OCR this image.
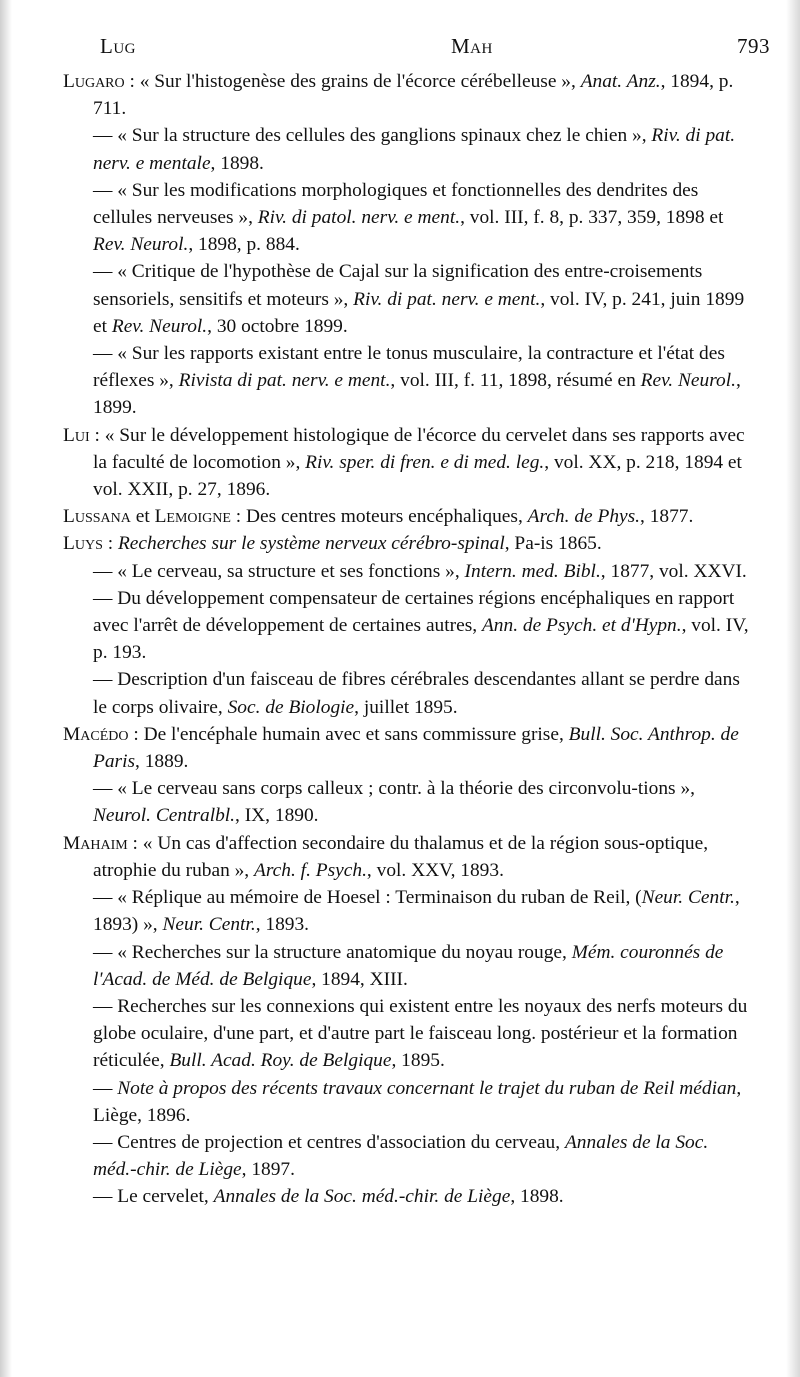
Lug	Mah	793

Lugaro : « Sur l'histogenèse des grains de l'écorce cérébelleuse », Anat. Anz., 1894, p. 711.

— « Sur la structure des cellules des ganglions spinaux chez le chien », Riv. di pat. nerv. e mentale, 1898.

— « Sur les modifications morphologiques et fonctionnelles des dendrites des cellules nerveuses », Riv. di patol. nerv. e ment., vol. III, f. 8, p. 337, 359, 1898 et Rev. Neurol., 1898, p. 884.

— « Critique de l'hypothèse de Cajal sur la signification des entre-croisements sensoriels, sensitifs et moteurs », Riv. di pat. nerv. e ment., vol. IV, p. 241, juin 1899 et Rev. Neurol., 30 octobre 1899.

— « Sur les rapports existant entre le tonus musculaire, la contracture et l'état des réflexes », Rivista di pat. nerv. e ment., vol. III, f. 11, 1898, résumé en Rev. Neurol., 1899.

Lui : « Sur le développement histologique de l'écorce du cervelet dans ses rapports avec la faculté de locomotion », Riv. sper. di fren. e di med. leg., vol. XX, p. 218, 1894 et vol. XXII, p. 27, 1896.

Lussana et Lemoigne : Des centres moteurs encéphaliques, Arch. de Phys., 1877.

Luys : Recherches sur le système nerveux cérébro-spinal, Pa-is 1865.

— « Le cerveau, sa structure et ses fonctions », Intern. med. Bibl., 1877, vol. XXVI.

— Du développement compensateur de certaines régions encéphaliques en rapport avec l'arrêt de développement de certaines autres, Ann. de Psych. et d'Hypn., vol. IV, p. 193.

— Description d'un faisceau de fibres cérébrales descendantes allant se perdre dans le corps olivaire, Soc. de Biologie, juillet 1895.

Macédo : De l'encéphale humain avec et sans commissure grise, Bull. Soc. Anthrop. de Paris, 1889.

— « Le cerveau sans corps calleux ; contr. à la théorie des circonvolu-tions », Neurol. Centralbl., IX, 1890.

Mahaim : « Un cas d'affection secondaire du thalamus et de la région sous-optique, atrophie du ruban », Arch. f. Psych., vol. XXV, 1893.

— « Réplique au mémoire de Hoesel : Terminaison du ruban de Reil, (Neur. Centr., 1893) », Neur. Centr., 1893.

— « Recherches sur la structure anatomique du noyau rouge, Mém. couronnés de l'Acad. de Méd. de Belgique, 1894, XIII.

— Recherches sur les connexions qui existent entre les noyaux des nerfs moteurs du globe oculaire, d'une part, et d'autre part le faisceau long. postérieur et la formation réticulée, Bull. Acad. Roy. de Belgique, 1895.

— Note à propos des récents travaux concernant le trajet du ruban de Reil médian, Liège, 1896.

— Centres de projection et centres d'association du cerveau, Annales de la Soc. méd.-chir. de Liège, 1897.

— Le cervelet, Annales de la Soc. méd.-chir. de Liège, 1898.
